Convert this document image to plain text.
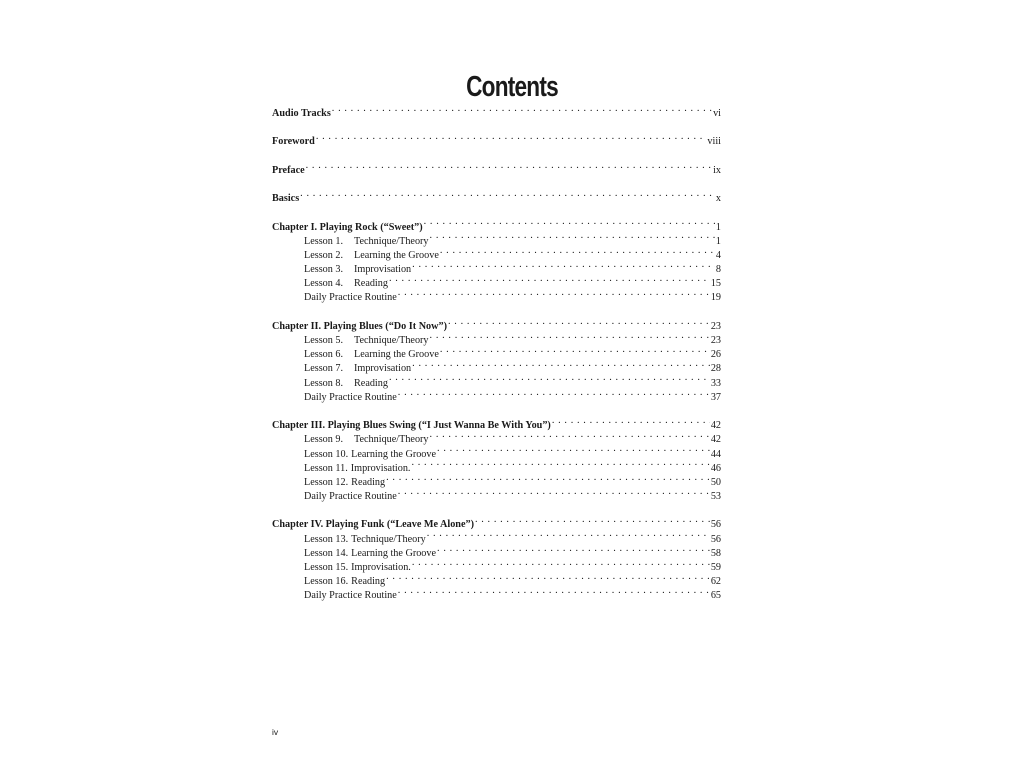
Contents
Audio Tracks . . .	vi
Foreword . . .	viii
Preface . . .	ix
Basics . . .	x
Chapter I. Playing Rock (“Sweet”) . . .	1
Lesson 1. Technique/Theory . . .	1
Lesson 2. Learning the Groove . . .	4
Lesson 3. Improvisation . . .	8
Lesson 4. Reading . . .	15
Daily Practice Routine . . .	19
Chapter II. Playing Blues (“Do It Now”) . . .	23
Lesson 5. Technique/Theory . . .	23
Lesson 6. Learning the Groove . . .	26
Lesson 7. Improvisation . . .	28
Lesson 8. Reading . . .	33
Daily Practice Routine . . .	37
Chapter III. Playing Blues Swing (“I Just Wanna Be With You”) . . .	42
Lesson 9. Technique/Theory . . .	42
Lesson 10. Learning the Groove . . .	44
Lesson 11. Improvisation. . . .	46
Lesson 12. Reading . . .	50
Daily Practice Routine . . .	53
Chapter IV. Playing Funk (“Leave Me Alone”) . . .	56
Lesson 13. Technique/Theory . . .	56
Lesson 14. Learning the Groove . . .	58
Lesson 15. Improvisation. . . .	59
Lesson 16. Reading . . .	62
Daily Practice Routine . . .	65
iv
